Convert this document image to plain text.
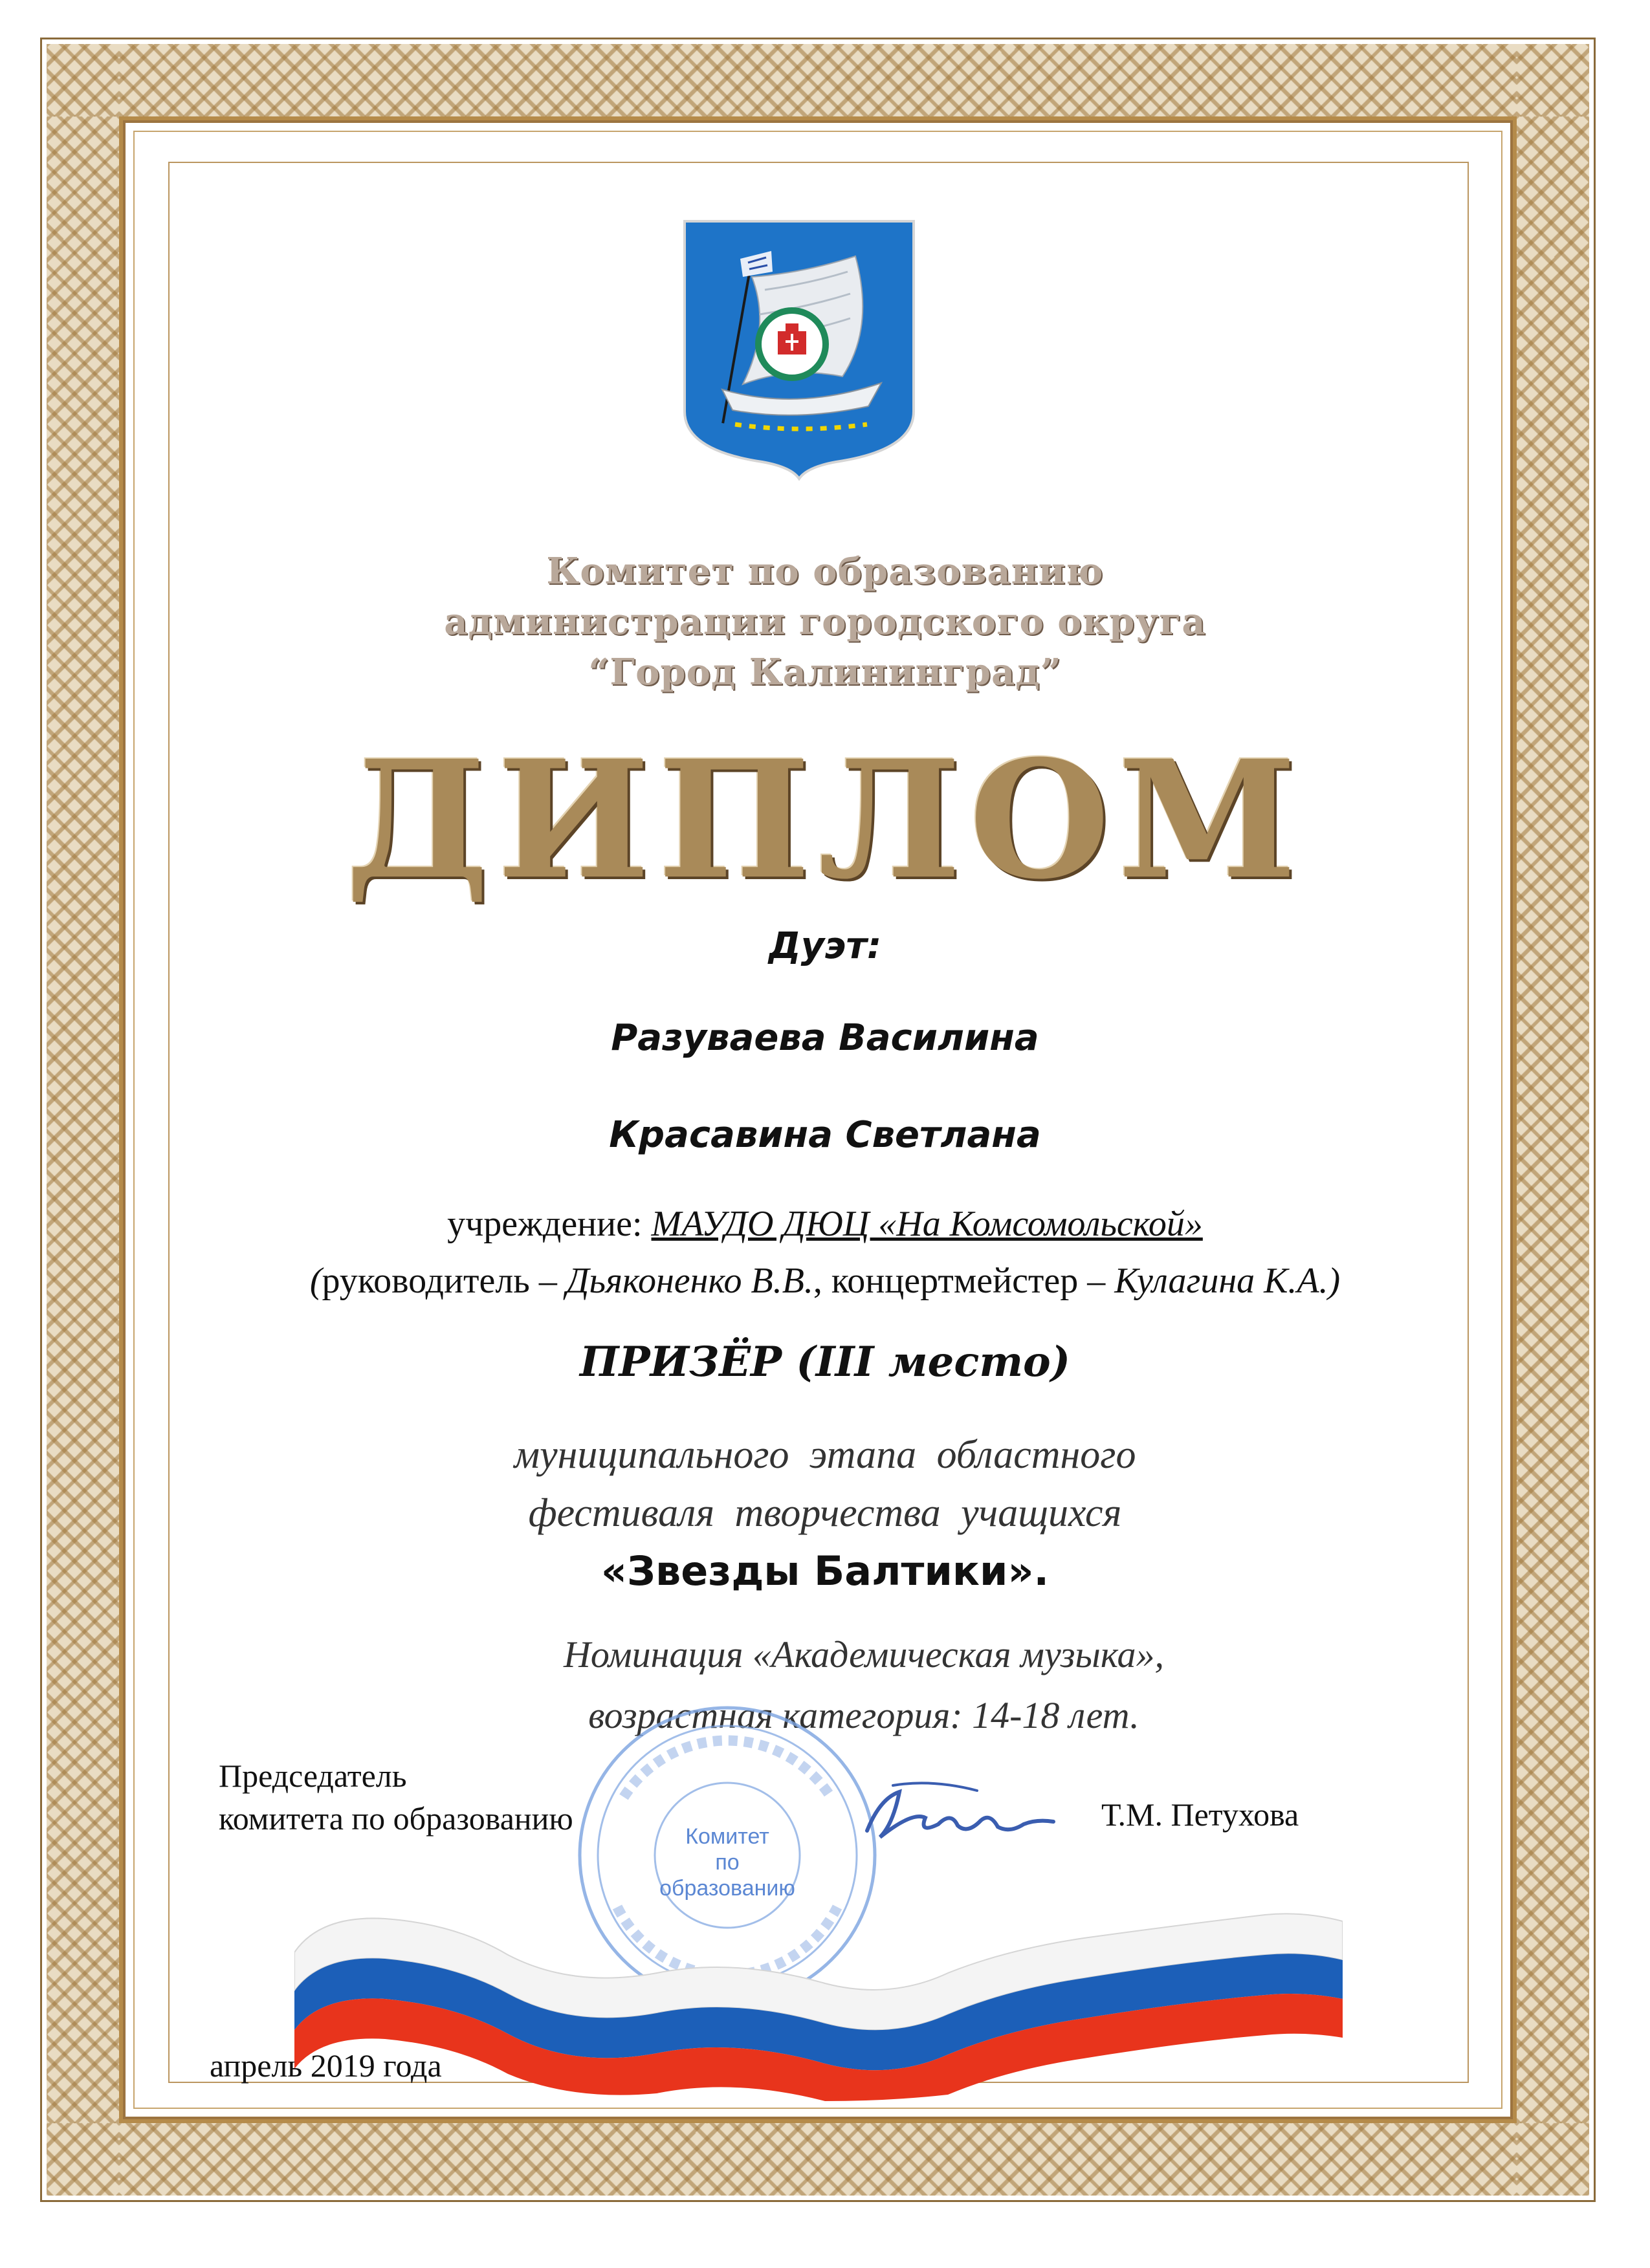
Комитет по образованию
администрации городского округа
“Город Калининград”
ДИПЛОМ
Дуэт:
Разуваева Василина
Красавина Светлана
учреждение: МАУДО ДЮЦ «На Комсомольской»
(руководитель – Дьяконенко В.В., концертмейстер – Кулагина К.А.)
ПРИЗЁР (III место)
муниципального этапа областного
фестиваля творчества учащихся
«Звезды Балтики».
Номинация «Академическая музыка»,
возрастная категория: 14-18 лет.
Комитет
по
образованию
Председатель
комитета по образованию	Т.М. Петухова
апрель 2019 года
